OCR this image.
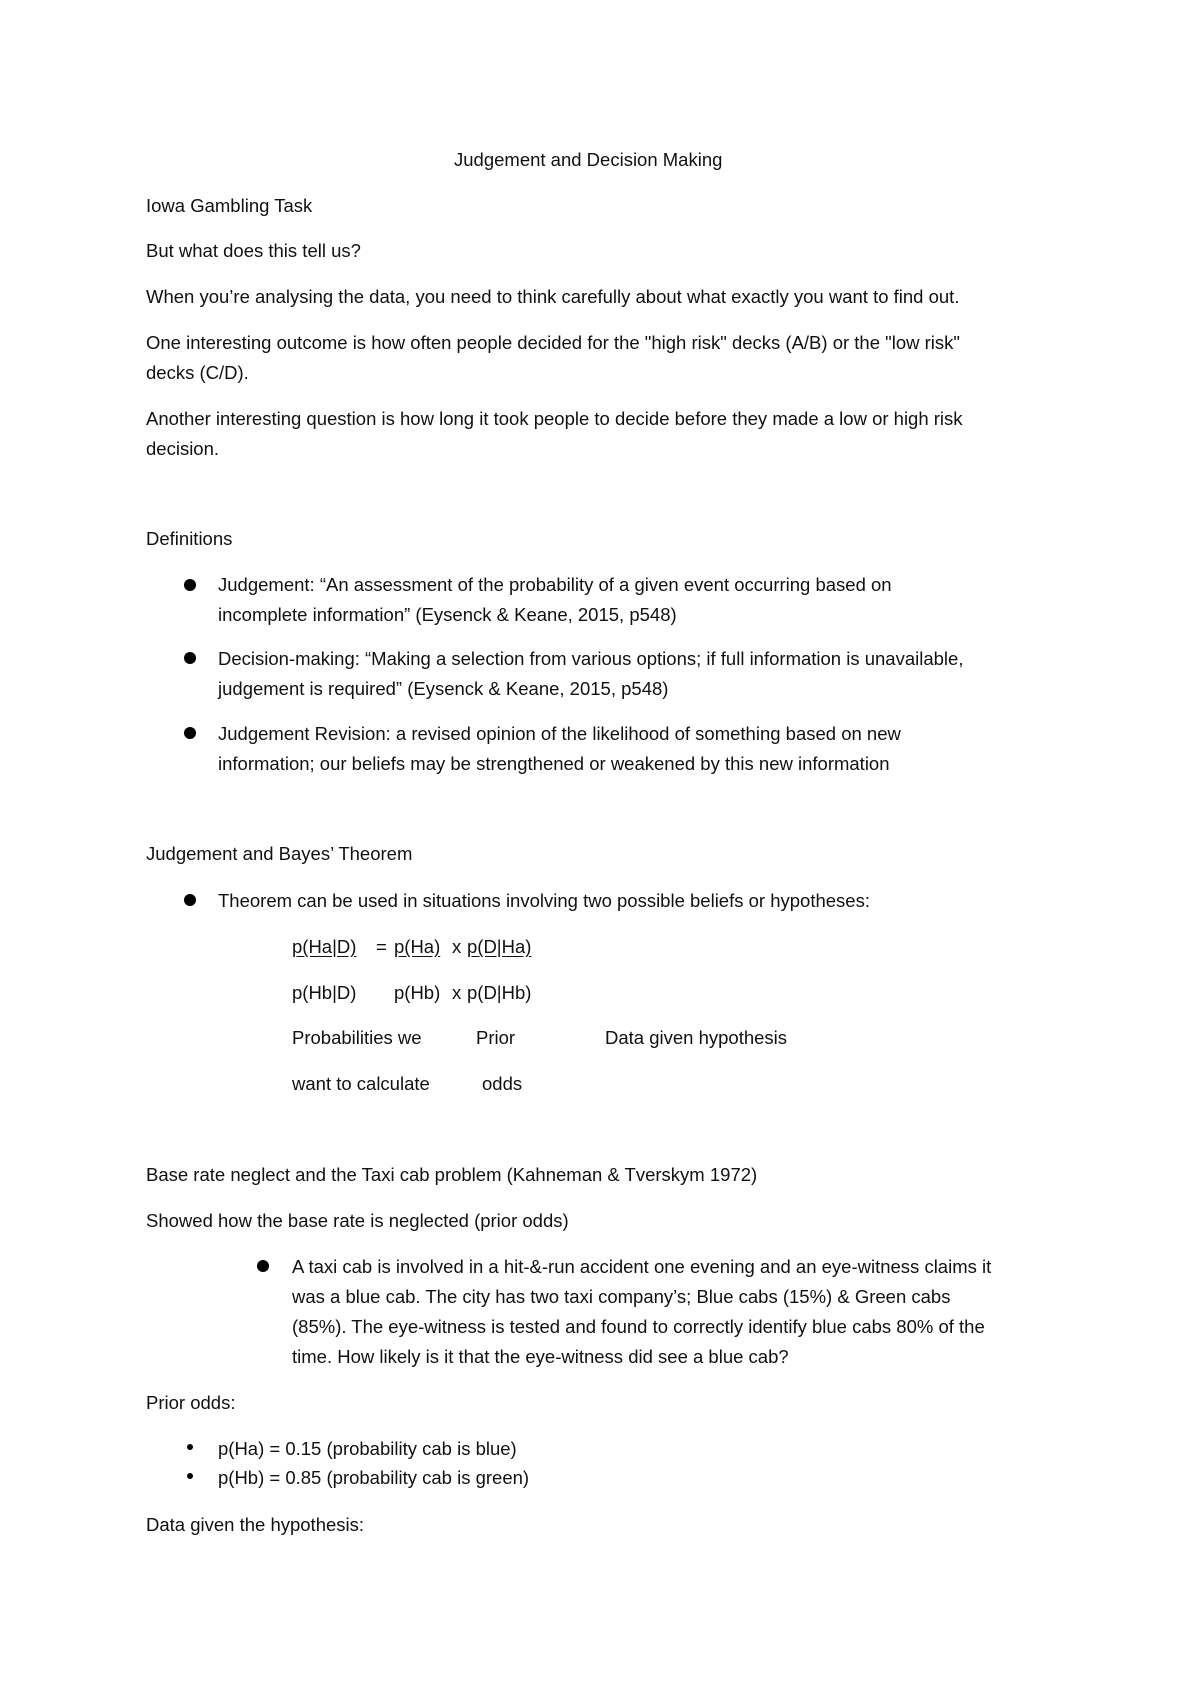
Judgement and Decision Making
Iowa Gambling Task
But what does this tell us?
When you’re analysing the data, you need to think carefully about what exactly you want to find out.
One interesting outcome is how often people decided for the "high risk" decks (A/B) or the "low risk"
decks (C/D).
Another interesting question is how long it took people to decide before they made a low or high risk
decision.
Definitions
Judgement: “An assessment of the probability of a given event occurring based on
incomplete information” (Eysenck & Keane, 2015, p548)
Decision-making: “Making a selection from various options; if full information is unavailable,
judgement is required” (Eysenck & Keane, 2015, p548)
Judgement Revision: a revised opinion of the likelihood of something based on new
information; our beliefs may be strengthened or weakened by this new information
Judgement and Bayes’ Theorem
Theorem can be used in situations involving two possible beliefs or hypotheses:
p(Ha|D) = p(Ha) x p(D|Ha)
p(Hb|D) p(Hb) x p(D|Hb)
Probabilities we	Prior	Data given hypothesis
want to calculate	odds
Base rate neglect and the Taxi cab problem (Kahneman & Tverskym 1972)
Showed how the base rate is neglected (prior odds)
A taxi cab is involved in a hit-&-run accident one evening and an eye-witness claims it
was a blue cab. The city has two taxi company’s; Blue cabs (15%) & Green cabs
(85%). The eye-witness is tested and found to correctly identify blue cabs 80% of the
time. How likely is it that the eye-witness did see a blue cab?
Prior odds:
p(Ha) = 0.15 (probability cab is blue)
p(Hb) = 0.85 (probability cab is green)
Data given the hypothesis:
